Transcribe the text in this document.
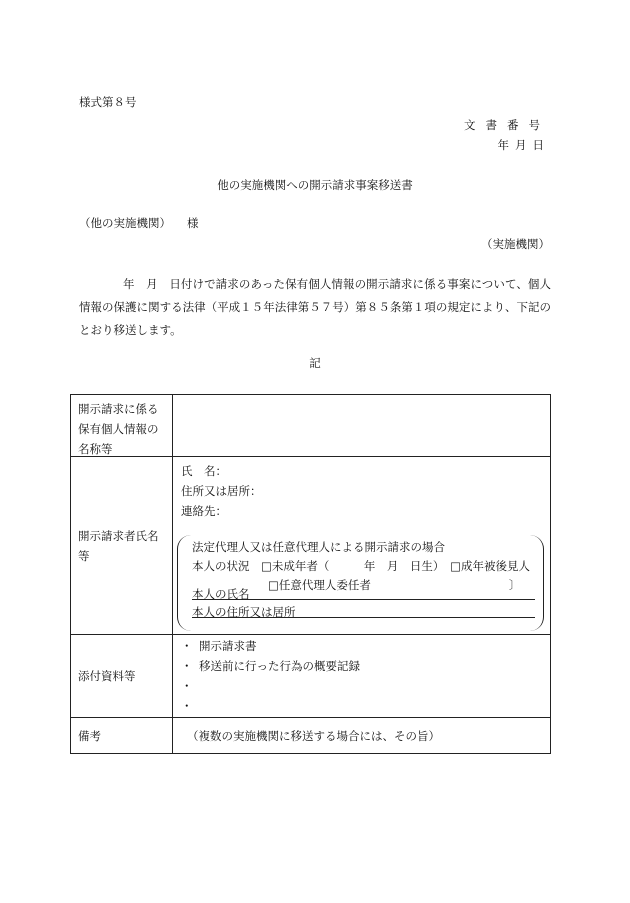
様式第８号
文書番号
年月日
他の実施機関への開示請求事案移送書
（他の実施機関） 様
（実施機関）
年　月　日付けで請求のあった保有個人情報の開示請求に係る事案について、個人情報の保護に関する法律（平成１５年法律第５７号）第８５条第１項の規定により、下記のとおり移送します。
記
開示請求に係る保有個人情報の名称等
開示請求者氏名等
氏　名：
住所又は居所：
連絡先：
法定代理人又は任意代理人による開示請求の場合
本人の状況　 □未成年者（　　　年　月　日生）　 □成年被後見人
□任意代理人委任者	〕
本人の氏名
本人の住所又は居所
添付資料等
・ 開示請求書
・ 移送前に行った行為の概要記録
・
・
備考	（複数の実施機関に移送する場合には、その旨）
